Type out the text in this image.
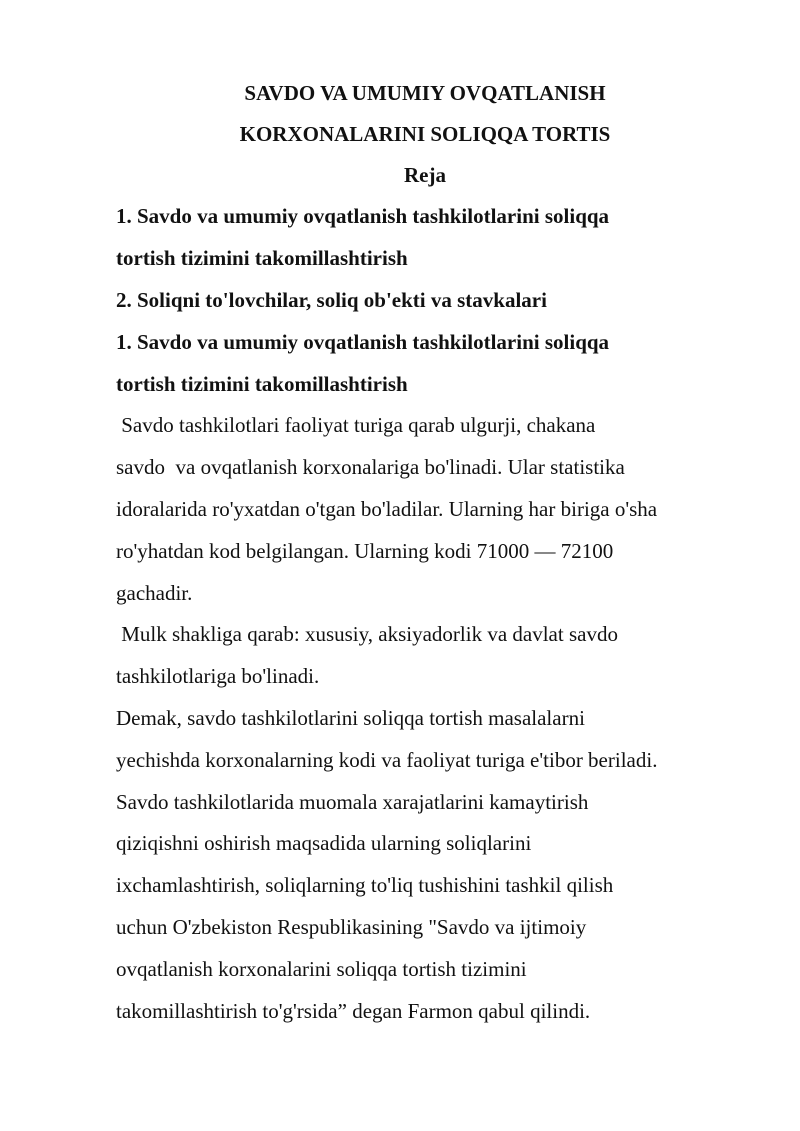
SAVDO VA UMUMIY OVQATLANISH
KORXONALARINI SOLIQQA TORTIS
Reja
1. Savdo va umumiy ovqatlanish tashkilotlarini soliqqa
tortish tizimini takomillashtirish
2. Soliqni to'lovchilar, soliq ob'ekti va stavkalari
1. Savdo va umumiy ovqatlanish tashkilotlarini soliqqa
tortish tizimini takomillashtirish
Savdo tashkilotlari faoliyat turiga qarab ulgurji, chakana
savdo  va ovqatlanish korxonalariga bo'linadi. Ular statistika
idoralarida ro'yxatdan o'tgan bo'ladilar. Ularning har biriga o'sha
ro'yhatdan kod belgilangan. Ularning kodi 71000 — 72100
gachadir.
Mulk shakliga qarab: xususiy, aksiyadorlik va davlat savdo
tashkilotlariga bo'linadi.
Demak, savdo tashkilotlarini soliqqa tortish masalalarni
yechishda korxonalarning kodi va faoliyat turiga e'tibor beriladi.
Savdo tashkilotlarida muomala xarajatlarini kamaytirish
qiziqishni oshirish maqsadida ularning soliqlarini
ixchamlashtirish, soliqlarning to'liq tushishini tashkil qilish
uchun O'zbekiston Respublikasining "Savdo va ijtimoiy
ovqatlanish korxonalarini soliqqa tortish tizimini
takomillashtirish to'g'rsida” degan Farmon qabul qilindi.
